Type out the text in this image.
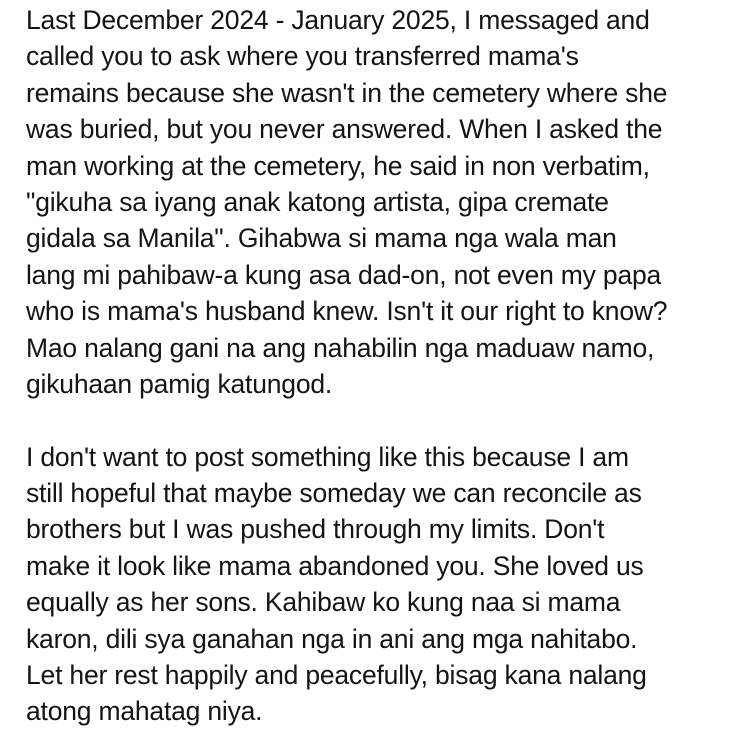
Last December 2024 - January 2025, I messaged and
called you to ask where you transferred mama's
remains because she wasn't in the cemetery where she
was buried, but you never answered. When I asked the
man working at the cemetery, he said in non verbatim,
"gikuha sa iyang anak katong artista, gipa cremate
gidala sa Manila". Gihabwa si mama nga wala man
lang mi pahibaw-a kung asa dad-on, not even my papa
who is mama's husband knew. Isn't it our right to know?
Mao nalang gani na ang nahabilin nga maduaw namo,
gikuhaan pamig katungod.
I don't want to post something like this because I am
still hopeful that maybe someday we can reconcile as
brothers but I was pushed through my limits. Don't
make it look like mama abandoned you. She loved us
equally as her sons. Kahibaw ko kung naa si mama
karon, dili sya ganahan nga in ani ang mga nahitabo.
Let her rest happily and peacefully, bisag kana nalang
atong mahatag niya.
